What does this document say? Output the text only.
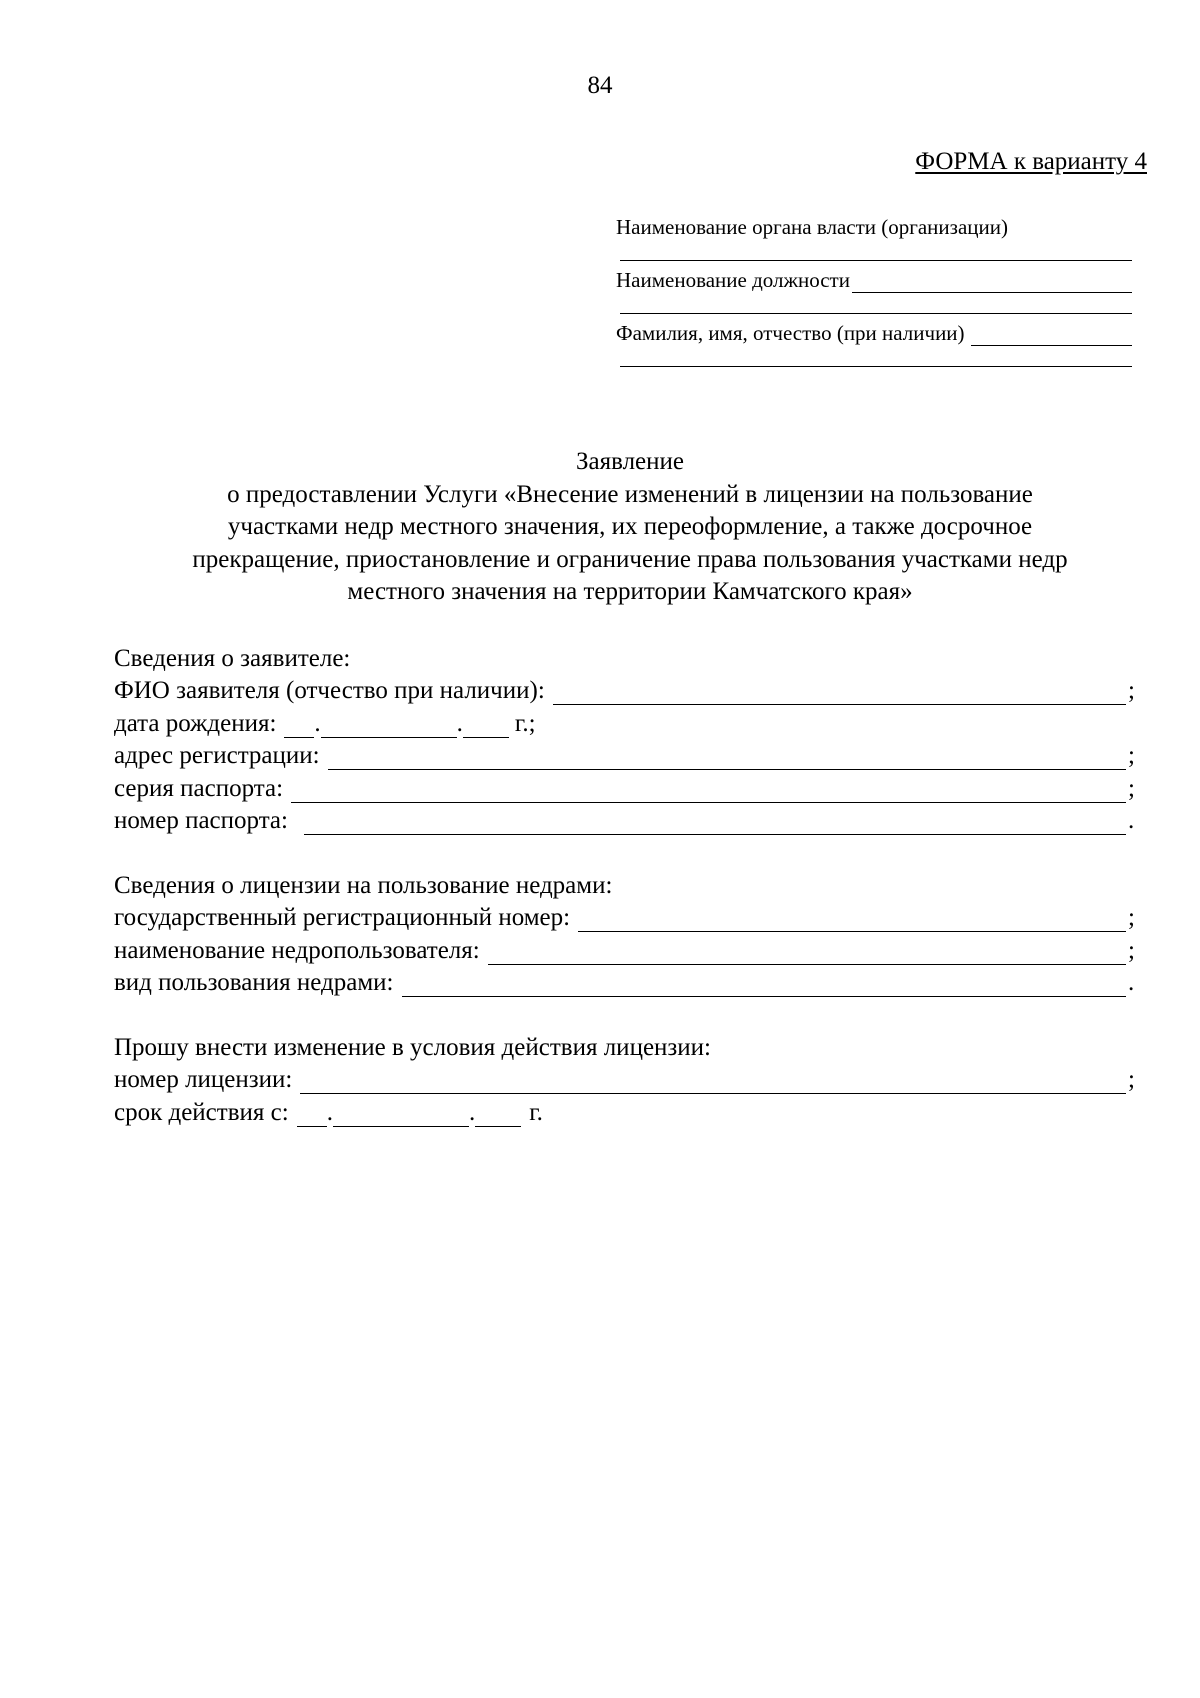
84
ФОРМА к варианту 4
Наименование органа власти (организации)
Наименование должности
Фамилия, имя, отчество (при наличии)
Заявление
о предоставлении Услуги «Внесение изменений в лицензии на пользование
участками недр местного значения, их переоформление, а также досрочное
прекращение, приостановление и ограничение права пользования участками недр
местного значения на территории Камчатского края»
Сведения о заявителе:
ФИО заявителя (отчество при наличии):	;
дата рождения: .	. г.;
адрес регистрации:	;
серия паспорта:	;
номер паспорта:	.
Сведения о лицензии на пользование недрами:
государственный регистрационный номер:	;
наименование недропользователя:	;
вид пользования недрами:	.
Прошу внести изменение в условия действия лицензии:
номер лицензии:	;
срок действия с: .	. г.
